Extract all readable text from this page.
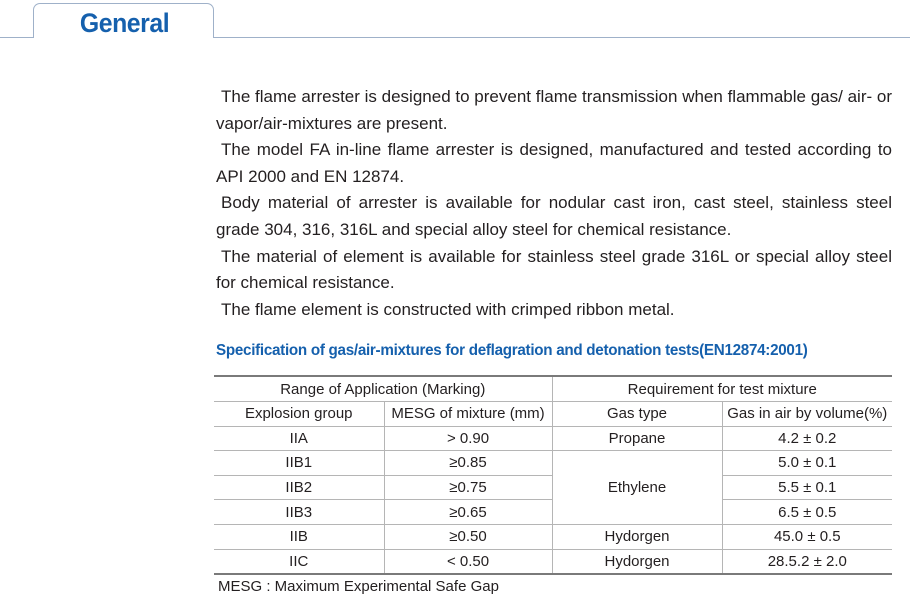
General

The flame arrester is designed to prevent flame transmission when flammable gas/ air- or vapor/air-mixtures are present.

The model FA in-line flame arrester is designed, manufactured and tested according to API 2000 and EN 12874.

Body material of arrester is available for nodular cast iron, cast steel, stainless steel grade 304, 316, 316L and special alloy steel for chemical resistance.

The material of element is available for stainless steel grade 316L or special alloy steel for chemical resistance.

The flame element is constructed with crimped ribbon metal.

Specification of gas/air-mixtures for deflagration and detonation tests(EN12874:2001)
Range of Application (Marking)		Requirement for test mixture	
Explosion group	MESG of mixture (mm)	Gas type	Gas in air by volume(%)
IIA	> 0.90	Propane	4.2 ± 0.2
IIB1	≥0.85	Ethylene	5.0 ± 0.1
IIB2	≥0.75		5.5 ± 0.1
IIB3	≥0.65		6.5 ± 0.5
IIB	≥0.50	Hydorgen	45.0 ± 0.5
IIC	< 0.50	Hydorgen	28.5.2 ± 2.0
MESG : Maximum Experimental Safe Gap
